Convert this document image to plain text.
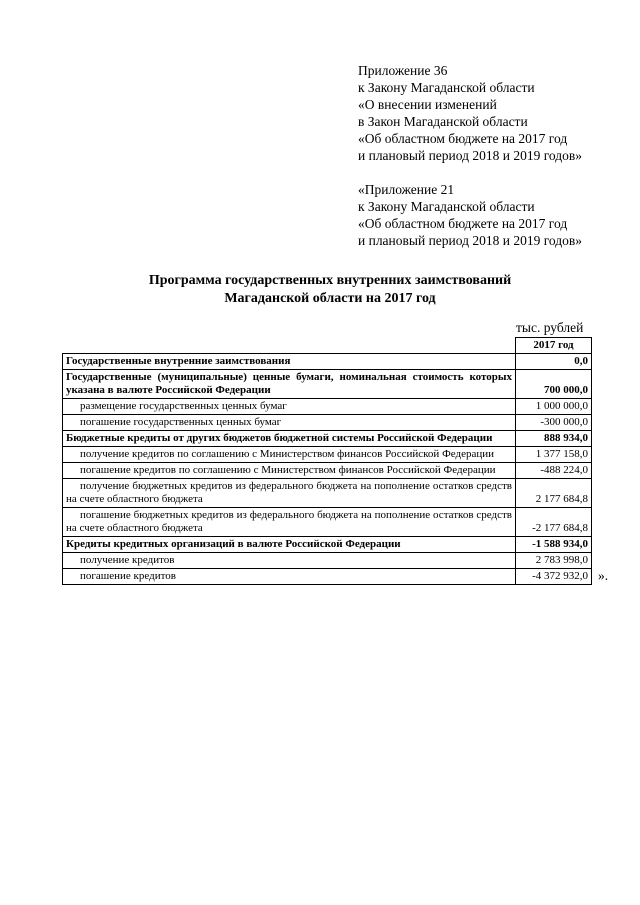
Приложение 36
к Закону Магаданской области
«О внесении изменений
в Закон Магаданской области
«Об областном бюджете на 2017 год
и плановый период 2018 и 2019 годов»
«Приложение 21
к Закону Магаданской области
«Об областном бюджете на 2017 год
и плановый период 2018 и 2019 годов»
Программа государственных внутренних заимствований
Магаданской области на 2017 год
тыс. рублей
	2017 год
Государственные внутренние заимствования	0,0
Государственные (муниципальные) ценные бумаги, номинальная стоимость которых указана в валюте Российской Федерации	700 000,0
размещение государственных ценных бумаг	1 000 000,0
погашение государственных ценных бумаг	-300 000,0
Бюджетные кредиты от других бюджетов бюджетной системы Российской Федерации	888 934,0
получение кредитов по соглашению с Министерством финансов Российской Федерации	1 377 158,0
погашение кредитов по соглашению с Министерством финансов Российской Федерации	-488 224,0
получение бюджетных кредитов из федерального бюджета на пополнение остатков средств на счете областного бюджета	2 177 684,8
погашение бюджетных кредитов из федерального бюджета на пополнение остатков средств на счете областного бюджета	-2 177 684,8
Кредиты кредитных организаций в валюте Российской Федерации	-1 588 934,0
получение кредитов	2 783 998,0
погашение кредитов	-4 372 932,0 ».
